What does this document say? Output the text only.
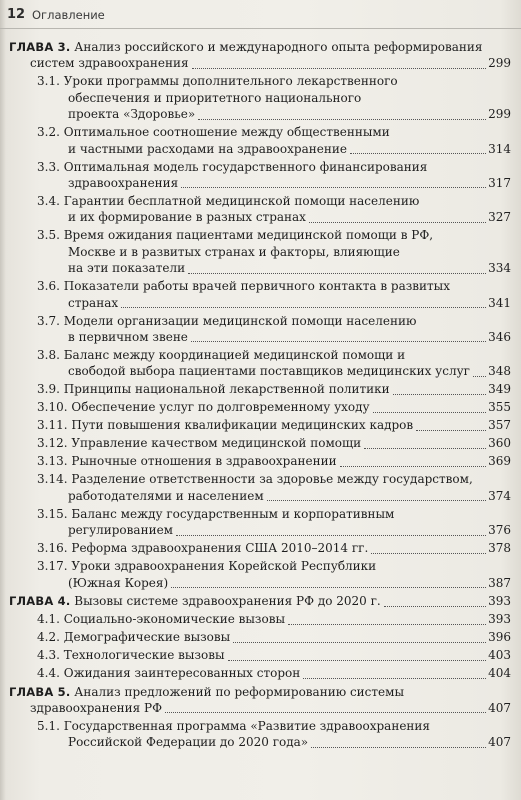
12 Оглавление
ГЛАВА 3. Анализ российского и международного опыта реформирования
систем здравоохранения	299
3.1. Уроки программы дополнительного лекарственного
обеспечения и приоритетного национального
проекта «Здоровье»	299
3.2. Оптимальное соотношение между общественными
и частными расходами на здравоохранение	314
3.3. Оптимальная модель государственного финансирования
здравоохранения	317
3.4. Гарантии бесплатной медицинской помощи населению
и их формирование в разных странах	327
3.5. Время ожидания пациентами медицинской помощи в РФ,
Москве и в развитых странах и факторы, влияющие
на эти показатели	334
3.6. Показатели работы врачей первичного контакта в развитых
странах	341
3.7. Модели организации медицинской помощи населению
в первичном звене	346
3.8. Баланс между координацией медицинской помощи и
свободой выбора пациентами поставщиков медицинских услуг 348
3.9. Принципы национальной лекарственной политики	349
3.10. Обеспечение услуг по долговременному уходу	355
3.11. Пути повышения квалификации медицинских кадров	357
3.12. Управление качеством медицинской помощи	360
3.13. Рыночные отношения в здравоохранении	369
3.14. Разделение ответственности за здоровье между государством,
работодателями и населением	374
3.15. Баланс между государственным и корпоративным
регулированием	376
3.16. Реформа здравоохранения США 2010–2014 гг.	378
3.17. Уроки здравоохранения Корейской Республики
(Южная Корея)	387
ГЛАВА 4. Вызовы системе здравоохранения РФ до 2020 г.	393
4.1. Социально-экономические вызовы	393
4.2. Демографические вызовы	396
4.3. Технологические вызовы	403
4.4. Ожидания заинтересованных сторон	404
ГЛАВА 5. Анализ предложений по реформированию системы
здравоохранения РФ	407
5.1. Государственная программа «Развитие здравоохранения
Российской Федерации до 2020 года»	407
